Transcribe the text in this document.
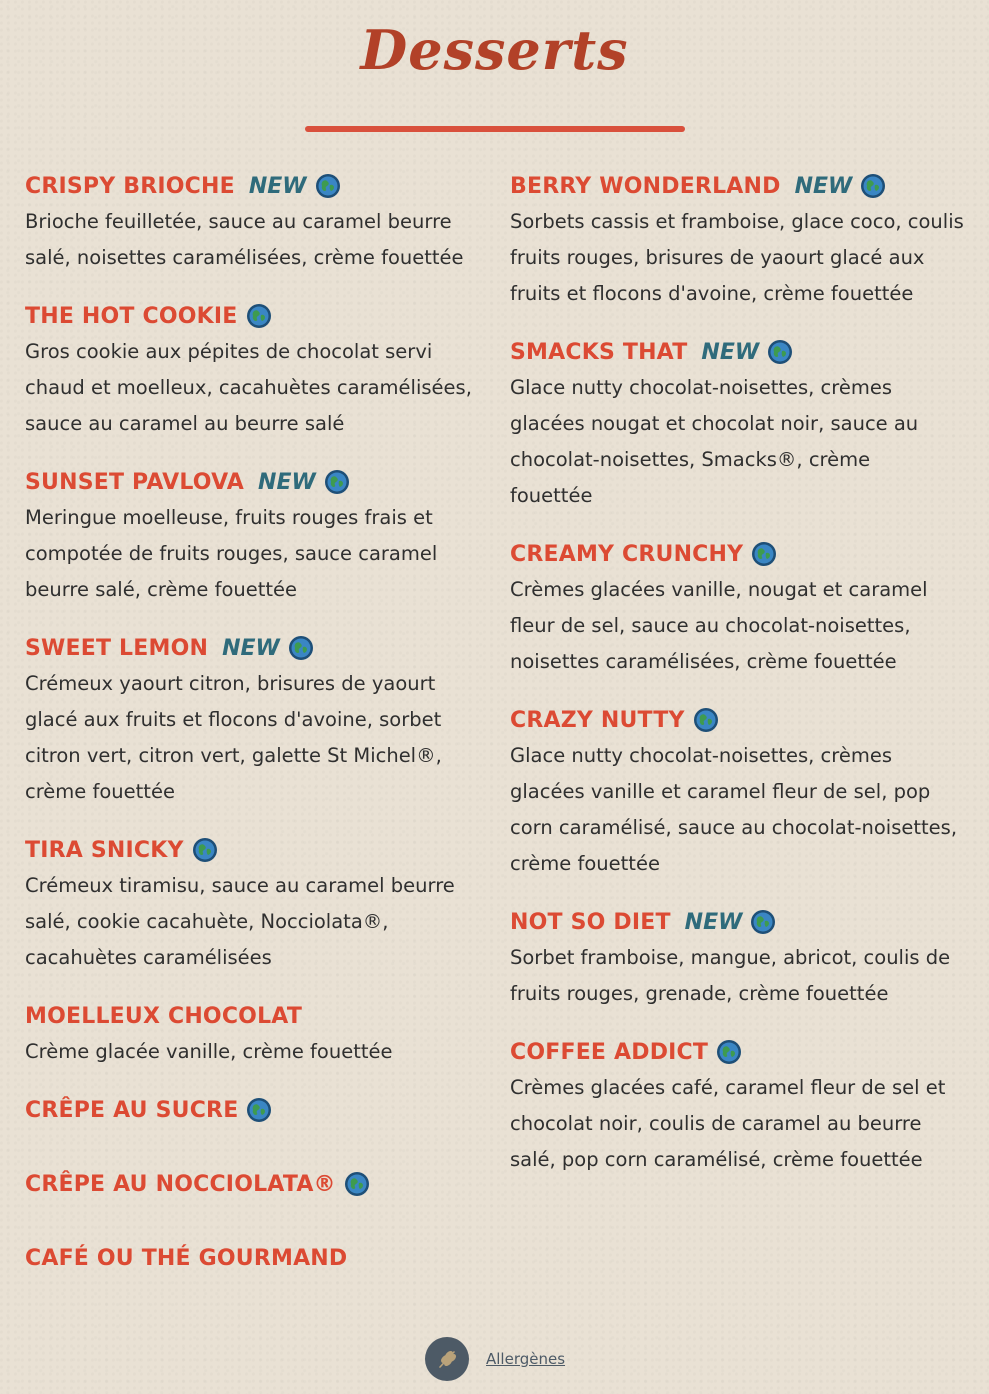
Desserts
CRISPY BRIOCHE NEW
Brioche feuilletée, sauce au caramel beurre
salé, noisettes caramélisées, crème fouettée
THE HOT COOKIE
Gros cookie aux pépites de chocolat servi
chaud et moelleux, cacahuètes caramélisées,
sauce au caramel au beurre salé
SUNSET PAVLOVA NEW
Meringue moelleuse, fruits rouges frais et
compotée de fruits rouges, sauce caramel
beurre salé, crème fouettée
SWEET LEMON NEW
Crémeux yaourt citron, brisures de yaourt
glacé aux fruits et flocons d'avoine, sorbet
citron vert, citron vert, galette St Michel®,
crème fouettée
TIRA SNICKY
Crémeux tiramisu, sauce au caramel beurre
salé, cookie cacahuète, Nocciolata®,
cacahuètes caramélisées
MOELLEUX CHOCOLAT
Crème glacée vanille, crème fouettée
CRÊPE AU SUCRE
CRÊPE AU NOCCIOLATA®
CAFÉ OU THÉ GOURMAND
BERRY WONDERLAND NEW
Sorbets cassis et framboise, glace coco, coulis
fruits rouges, brisures de yaourt glacé aux
fruits et flocons d'avoine, crème fouettée
SMACKS THAT NEW
Glace nutty chocolat-noisettes, crèmes
glacées nougat et chocolat noir, sauce au
chocolat-noisettes, Smacks®, crème
fouettée
CREAMY CRUNCHY
Crèmes glacées vanille, nougat et caramel
fleur de sel, sauce au chocolat-noisettes,
noisettes caramélisées, crème fouettée
CRAZY NUTTY
Glace nutty chocolat-noisettes, crèmes
glacées vanille et caramel fleur de sel, pop
corn caramélisé, sauce au chocolat-noisettes,
crème fouettée
NOT SO DIET NEW
Sorbet framboise, mangue, abricot, coulis de
fruits rouges, grenade, crème fouettée
COFFEE ADDICT
Crèmes glacées café, caramel fleur de sel et
chocolat noir, coulis de caramel au beurre
salé, pop corn caramélisé, crème fouettée
Allergènes
